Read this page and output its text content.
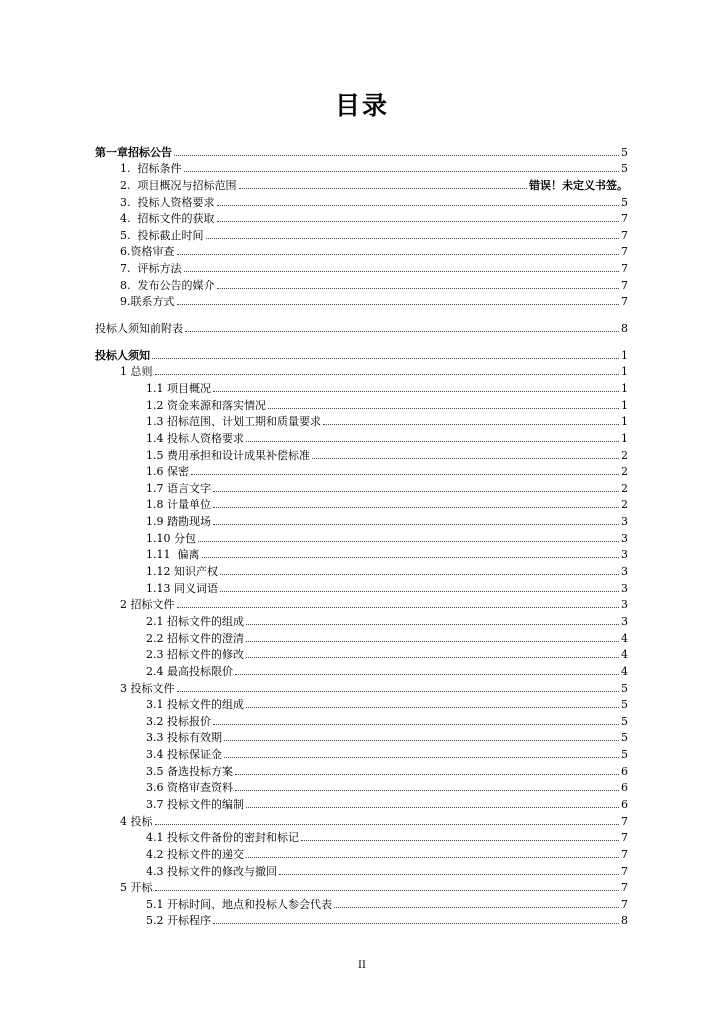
目录
第一章招标公告	5
1.  招标条件	5
2.  项目概况与招标范围	错误！未定义书签。
3.  投标人资格要求	5
4.  招标文件的获取	7
5.  投标截止时间	7
6.资格审查	7
7.  评标方法	7
8.  发布公告的媒介	7
9.联系方式	7
投标人须知前附表	8
投标人须知	1
1 总则	1
1.1 项目概况	1
1.2 资金来源和落实情况	1
1.3 招标范围、计划工期和质量要求	1
1.4 投标人资格要求	1
1.5 费用承担和设计成果补偿标准	2
1.6 保密	2
1.7 语言文字	2
1.8 计量单位	2
1.9 踏勘现场	3
1.10 分包	3
1.11  偏离	3
1.12 知识产权	3
1.13 同义词语	3
2 招标文件	3
2.1 招标文件的组成	3
2.2 招标文件的澄清	4
2.3 招标文件的修改	4
2.4 最高投标限价	4
3 投标文件	5
3.1 投标文件的组成	5
3.2 投标报价	5
3.3 投标有效期	5
3.4 投标保证金	5
3.5 备选投标方案	6
3.6 资格审查资料	6
3.7 投标文件的编制	6
4 投标	7
4.1 投标文件备份的密封和标记	7
4.2 投标文件的递交	7
4.3 投标文件的修改与撤回	7
5 开标	7
5.1 开标时间、地点和投标人参会代表	7
5.2 开标程序	8
II
